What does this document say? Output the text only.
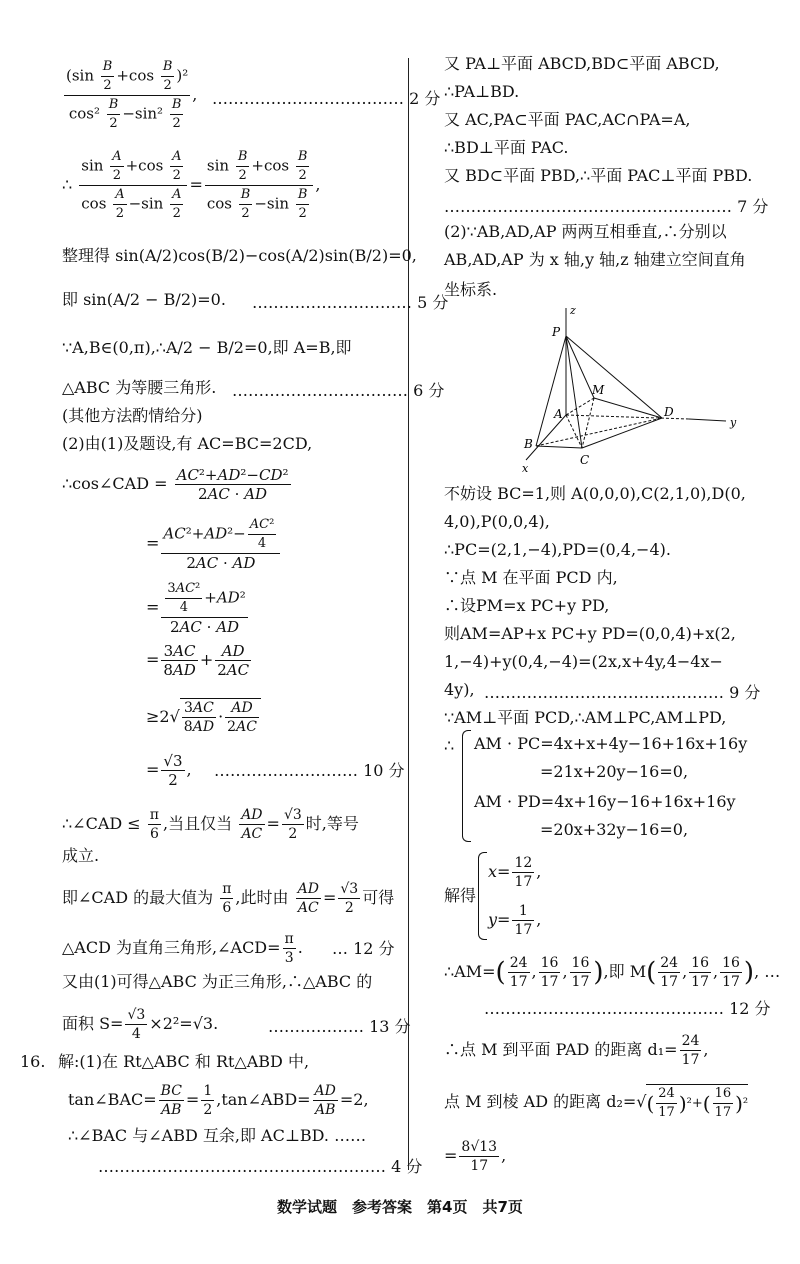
$\frac{(\sin \frac{B}{2} +\cos \frac{B}{2} )^2}{\cos^2 \frac{B}{2} -\sin^2 \frac{B}{2}}$ , ……………………………… 2 分
∴ $\frac{\sin \frac{A}{2} +\cos \frac{A}{2}}{\cos \frac{A}{2} -\sin \frac{A}{2}} = \frac{\sin \frac{B}{2} +\cos \frac{B}{2}}{\cos \frac{B}{2} -\sin \frac{B}{2}}$ ,
整理得 sin(A/2)cos(B/2)−cos(A/2)sin(B/2)=0,
即 sin(A/2 − B/2)=0. ………………………… 5 分
∵A,B∈(0,π),∴A/2 − B/2=0,即 A=B,即
△ABC 为等腰三角形. …………………………… 6 分
(其他方法酌情给分)
(2)由(1)及题设,有 AC=BC=2CD,
∴cos∠CAD = $\frac{\text{AC²+AD²−CD²}}{2AC \cdot AD}$
= $\frac{AC^2+AD^2- \frac{\text{AC²}}{4}}{2AC \cdot AD}$
= $\frac{\frac{\text{3AC²}}{4} +AD^2}{2AC \cdot AD}$
= $\frac{3AC}{8AD} + \frac{AD}{2AC}$
$\ge 2√ \frac{3AC}{8AD} \cdot \frac{AD}{2AC}$
= $\frac{√3}{2}$ , ……………………… 10 分
∴∠CAD ≤ $\frac{\pi}{6}$ ,当且仅当 $\frac{AD}{AC} = \frac{√3}{2}$ 时,等号
成立.
即∠CAD 的最大值为 $\frac{\pi}{6}$ ,此时由 $\frac{AD}{AC} = \frac{√3}{2}$ 可得
△ACD 为直角三角形,∠ACD= $\frac{\pi}{3}$ . … 12 分
又由(1)可得△ABC 为正三角形,∴△ABC 的
面积 $S= \frac{√3}{4} \times 2^2=√3$.	……………… 13 分
16. 解:(1)在 Rt△ABC 和 Rt△ABD 中,
tan∠BAC= $\frac{BC}{AB} = \frac{1}{2}$ ,tan∠ABD= $\frac{AD}{AB} =2$,
∴∠BAC 与∠ABD 互余,即 AC⊥BD. ……
……………………………………………… 4 分
又 PA⊥平面 ABCD,BD⊂平面 ABCD,
∴PA⊥BD.
又 AC,PA⊂平面 PAC,AC∩PA=A,
∴BD⊥平面 PAC.
又 BD⊂平面 PBD,∴平面 PAC⊥平面 PBD.
……………………………………………… 7 分
(2)∵AB,AD,AP 两两互相垂直,∴分别以
AB,AD,AP 为 x 轴,y 轴,z 轴建立空间直角
坐标系.
z
P
M
A	D
y
B
C
x
不妨设 BC=1,则 A(0,0,0),C(2,1,0),D(0,
4,0),P(0,0,4),
∴PC=(2,1,−4),PD=(0,4,−4).
∵点 M 在平面 PCD 内,
∴设PM=x PC+y PD,
则AM=AP+x PC+y PD=(0,0,4)+x(2,
1,−4)+y(0,4,−4)=(2x,x+4y,4−4x−
4y), ……………………………………… 9 分
∵AM⊥平面 PCD,∴AM⊥PC,AM⊥PD,
∴ AM · PC=4x+x+4y−16+16x+16y
=21x+20y−16=0,
AM · PD=4x+16y−16+16x+16y
=20x+32y−16=0,
解得
$x= \frac{12}{17}$ ,
$y= \frac{1}{17}$ ,
∴AM=( $\frac{24}{17}$ , $\frac{16}{17}$ , $\frac{16}{17}$ ),即 $M( \frac{24}{17}$ , $\frac{16}{17}$ , $\frac{16}{17}$ ), …
……………………………………… 12 分
∴点 M 到平面 PAD 的距离 $d_1= \frac{24}{17}$ ,
点 M 到棱 AD 的距离 $d_2=√( \frac{24}{17} )^2+( \frac{16}{17} )^2$
= $\frac{8√13}{17}$ ,
数学试题　参考答案　第4页　共7页
